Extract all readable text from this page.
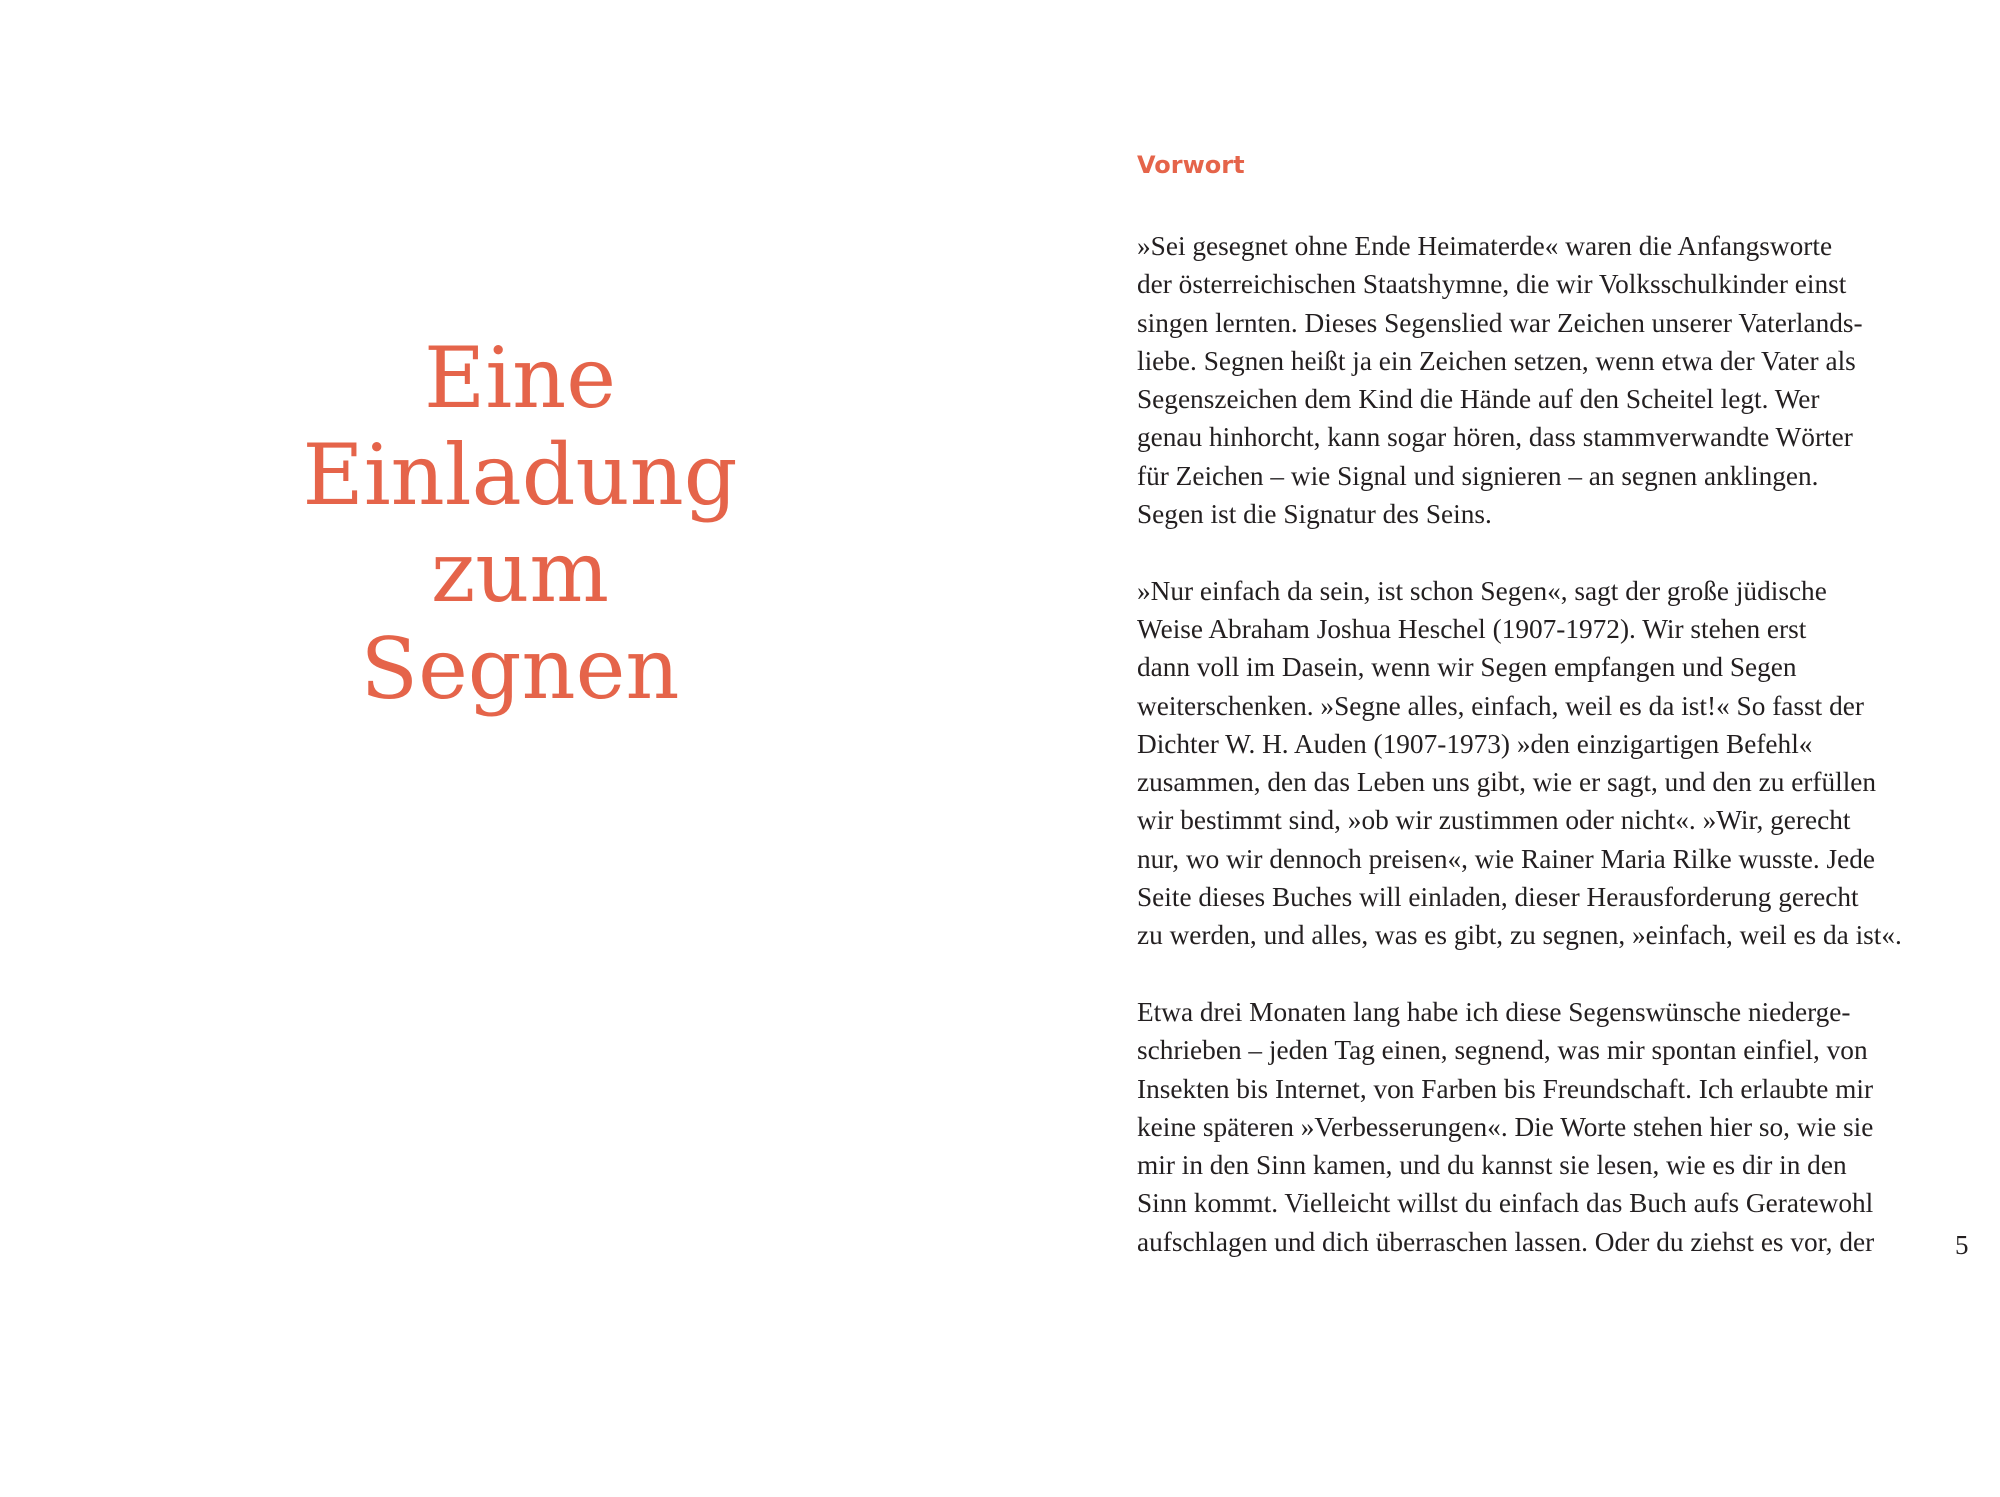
Eine
Einladung
zum
Segnen
Vorwort

»Sei gesegnet ohne Ende Heimaterde« waren die Anfangsworte
der österreichischen Staatshymne, die wir Volksschulkinder einst
singen lernten. Dieses Segenslied war Zeichen unserer Vaterlands-
liebe. Segnen heißt ja ein Zeichen setzen, wenn etwa der Vater als
Segenszeichen dem Kind die Hände auf den Scheitel legt. Wer
genau hinhorcht, kann sogar hören, dass stammverwandte Wörter
für Zeichen – wie Signal und signieren – an segnen anklingen.
Segen ist die Signatur des Seins.

»Nur einfach da sein, ist schon Segen«, sagt der große jüdische
Weise Abraham Joshua Heschel (1907-1972). Wir stehen erst
dann voll im Dasein, wenn wir Segen empfangen und Segen
weiterschenken. »Segne alles, einfach, weil es da ist!« So fasst der
Dichter W. H. Auden (1907-1973) »den einzigartigen Befehl«
zusammen, den das Leben uns gibt, wie er sagt, und den zu erfüllen
wir bestimmt sind, »ob wir zustimmen oder nicht«. »Wir, gerecht
nur, wo wir dennoch preisen«, wie Rainer Maria Rilke wusste. Jede
Seite dieses Buches will einladen, dieser Herausforderung gerecht
zu werden, und alles, was es gibt, zu segnen, »einfach, weil es da ist«.

Etwa drei Monaten lang habe ich diese Segenswünsche niederge-
schrieben – jeden Tag einen, segnend, was mir spontan einfiel, von
Insekten bis Internet, von Farben bis Freundschaft. Ich erlaubte mir
keine späteren »Verbesserungen«. Die Worte stehen hier so, wie sie
mir in den Sinn kamen, und du kannst sie lesen, wie es dir in den
Sinn kommt. Vielleicht willst du einfach das Buch aufs Geratewohl
aufschlagen und dich überraschen lassen. Oder du ziehst es vor, der	5
